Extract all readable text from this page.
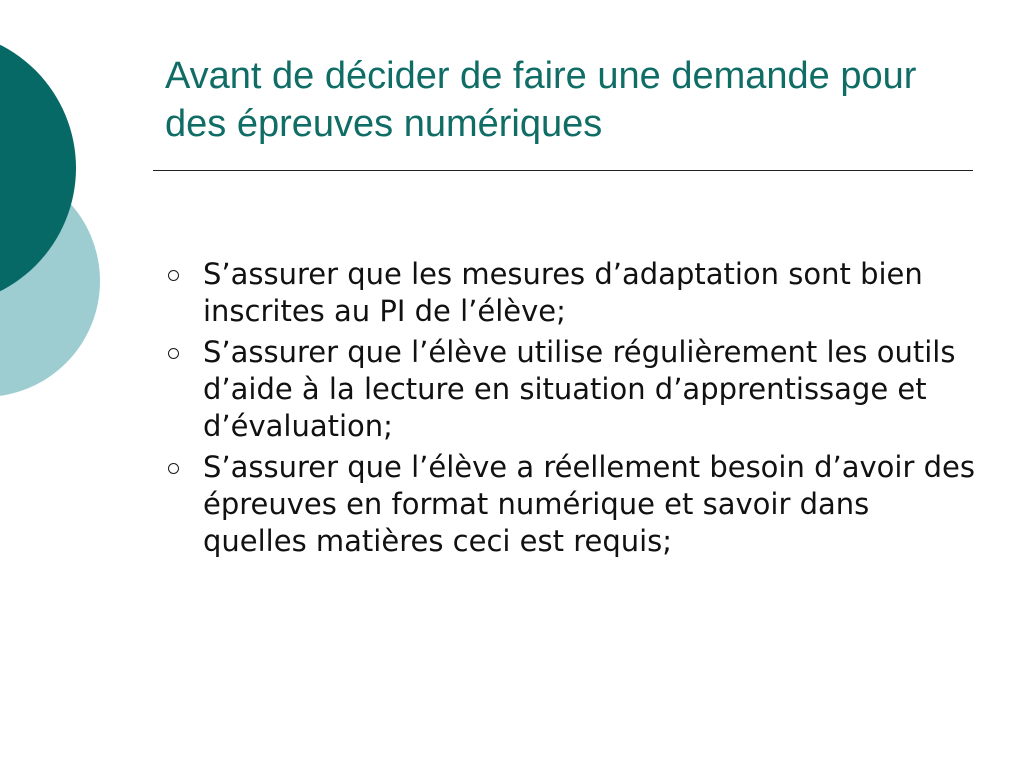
Avant de décider de faire une demande pour des épreuves numériques
S’assurer que les mesures d’adaptation sont bien inscrites au PI de l’élève;
S’assurer que l’élève utilise régulièrement les outils d’aide à la lecture en situation d’apprentissage et d’évaluation;
S’assurer que l’élève a réellement besoin d’avoir des épreuves en format numérique et savoir dans quelles matières ceci est requis;
